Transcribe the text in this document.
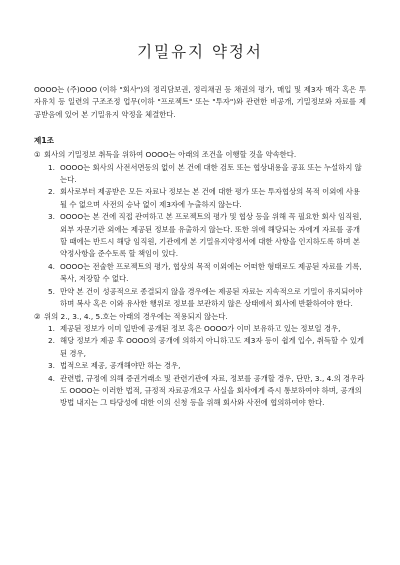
기밀유지 약정서

OOOO는 (주)OOO (이하 "회사")의 정리담보권, 정리채권 등 채권의 평가, 매입 및 제3자 매각 혹은 투자유치 등 일련의 구조조정 업무(이하 "프로젝트" 또는 "투자")와 관련한 비공개, 기밀정보와 자료를 제공받음에 있어 본 기밀유지 약정을 체결한다.

제1조

① 회사의 기밀정보 취득을 위하여 OOOO는 아래의 조건을 이행할 것을 약속한다.

1. OOOO는 회사의 사전서면동의 없이 본 건에 대한 검토 또는 협상내용을 공표 또는 누설하지 않는다.
2. 회사로부터 제공받은 모든 자료나 정보는 본 건에 대한 평가 또는 투자협상의 목적 이외에 사용될 수 없으며 사전의 승낙 없이 제3자에 누출하지 않는다.
3. OOOO는 본 건에 직접 관여하고 본 프로젝트의 평가 및 협상 등을 위해 꼭 필요한 회사 임직원, 외부 자문기관 외에는 제공된 정보를 유출하지 않는다. 또한 위에 해당되는 자에게 자료를 공개할 때에는 반드시 해당 임직원, 기관에게 본 기밀유지약정서에 대한 사항을 인지하도록 하며 본 약정사항을 준수토록 할 책임이 있다.
4. OOOO는 전술한 프로젝트의 평가, 협상의 목적 이외에는 어떠한 형태로도 제공된 자료를 기록, 복사, 저장할 수 없다.
5. 만약 본 건이 성공적으로 종결되지 않을 경우에는 제공된 자료는 지속적으로 기밀이 유지되어야 하며 복사 혹은 이와 유사한 행위로 정보를 보관하지 않은 상태에서 회사에 반환하여야 한다.

② 위의 2., 3., 4., 5.호는 아래의 경우에는 적용되지 않는다.

1. 제공된 정보가 이미 일반에 공개된 정보 혹은 OOOO가 이미 보유하고 있는 정보일 경우,
2. 해당 정보가 제공 후 OOOO의 공개에 의하지 아니하고도 제3자 등이 쉽게 입수, 취득할 수 있게 된 경우,
3. 법적으로 제공, 공개해야만 하는 경우,
4. 관련법, 규정에 의해 증권거래소 및 관련기관에 자료, 정보를 공개할 경우, 단만, 3., 4.의 경우라도 OOOO는 이러한 법적, 규정적 자료공개요구 사실을 회사에게 즉시 통보하여야 하며, 공개의 방법 내지는 그 타당성에 대한 이의 신청 등을 위해 회사와 사전에 협의하여야 한다.
